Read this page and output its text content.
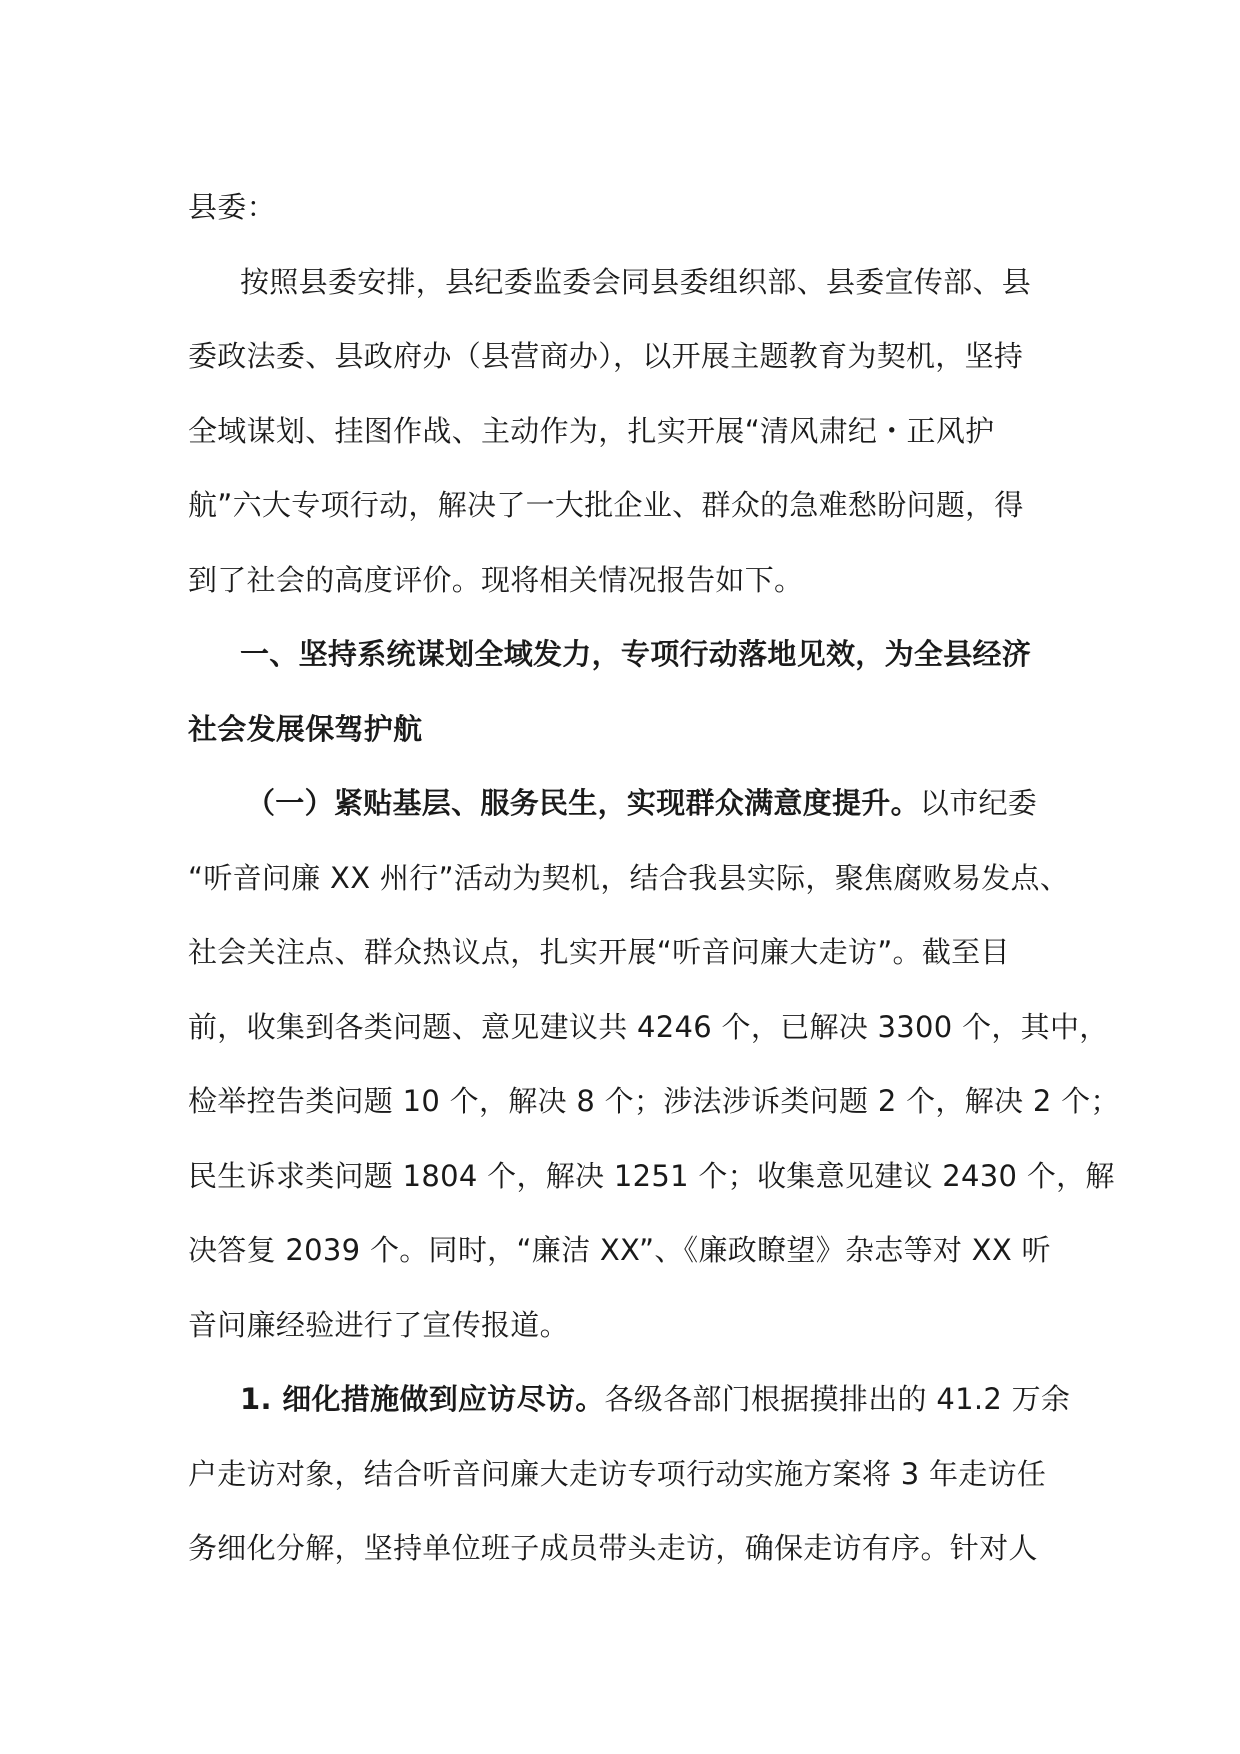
县委：
按照县委安排，县纪委监委会同县委组织部、县委宣传部、县
委政法委、县政府办（县营商办），以开展主题教育为契机，坚持
全域谋划、挂图作战、主动作为，扎实开展“清风肃纪・正风护
航”六大专项行动，解决了一大批企业、群众的急难愁盼问题，得
到了社会的高度评价。现将相关情况报告如下。
一、坚持系统谋划全域发力，专项行动落地见效，为全县经济
社会发展保驾护航
（一）紧贴基层、服务民生，实现群众满意度提升。以市纪委
“听音问廉 XX 州行”活动为契机，结合我县实际，聚焦腐败易发点、
社会关注点、群众热议点，扎实开展“听音问廉大走访”。截至目
前，收集到各类问题、意见建议共 4246 个，已解决 3300 个，其中，
检举控告类问题 10 个，解决 8 个；涉法涉诉类问题 2 个，解决 2 个；
民生诉求类问题 1804 个，解决 1251 个；收集意见建议 2430 个，解
决答复 2039 个。同时，“廉洁 XX”、《廉政瞭望》杂志等对 XX 听
音问廉经验进行了宣传报道。
1. 细化措施做到应访尽访。各级各部门根据摸排出的 41.2 万余
户走访对象，结合听音问廉大走访专项行动实施方案将 3 年走访任
务细化分解，坚持单位班子成员带头走访，确保走访有序。针对人
